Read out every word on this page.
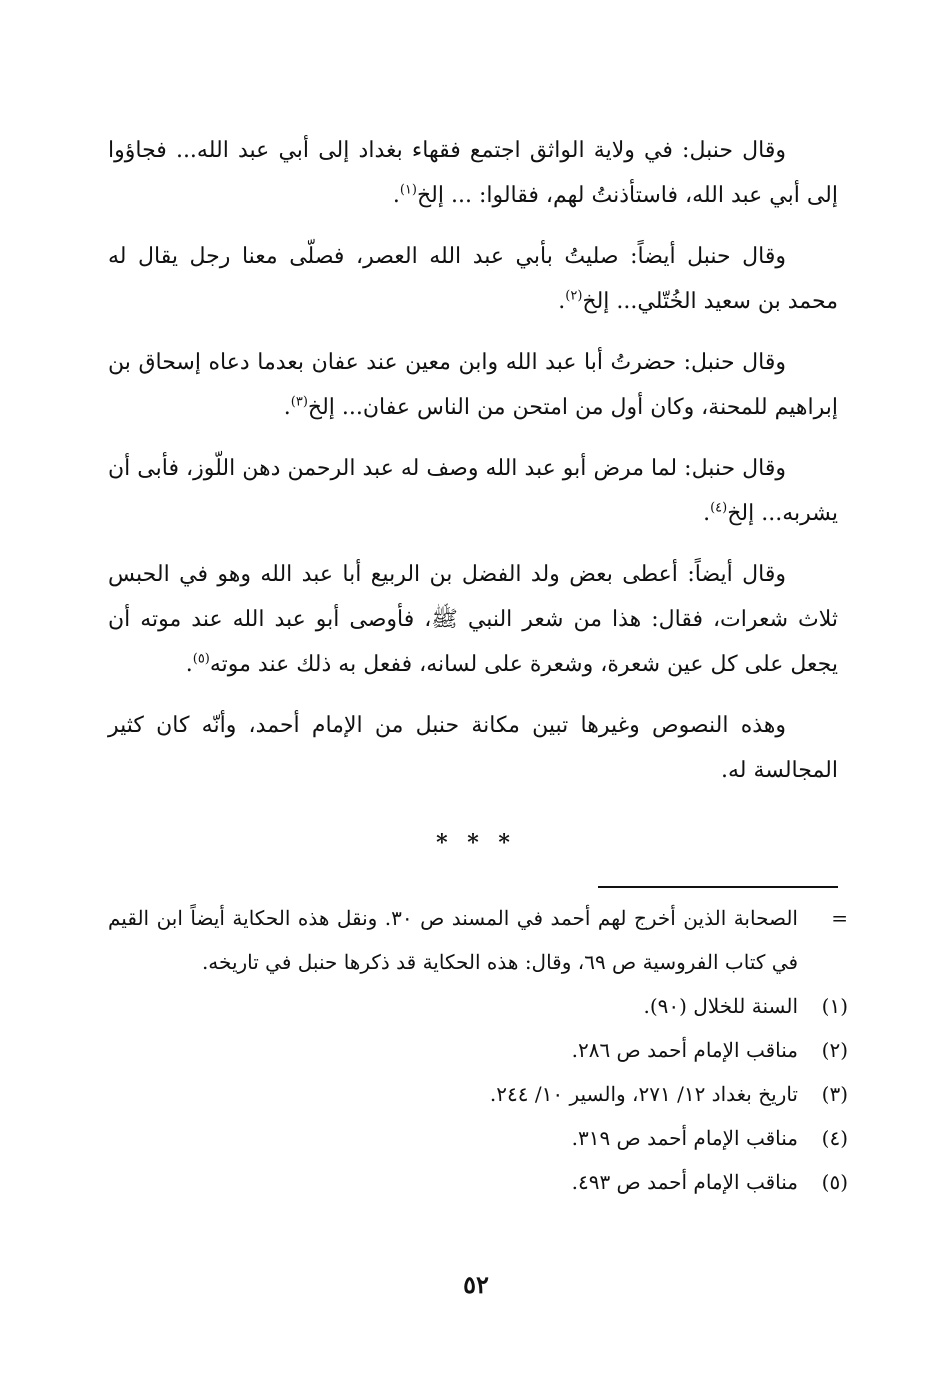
وقال حنبل: في ولاية الواثق اجتمع فقهاء بغداد إلى أبي عبد الله... فجاؤوا إلى أبي عبد الله، فاستأذنتُ لهم، فقالوا: ... إلخ$^{(١)}$.

وقال حنبل أيضاً: صليتُ بأبي عبد الله العصر، فصلّى معنا رجل يقال له محمد بن سعيد الخُتّلي... إلخ$^{(٢)}$.

وقال حنبل: حضرتُ أبا عبد الله وابن معين عند عفان بعدما دعاه إسحاق بن إبراهيم للمحنة، وكان أول من امتحن من الناس عفان... إلخ$^{(٣)}$.

وقال حنبل: لما مرض أبو عبد الله وصف له عبد الرحمن دهن اللّوز، فأبى أن يشربه... إلخ$^{(٤)}$.

وقال أيضاً: أعطى بعض ولد الفضل بن الربيع أبا عبد الله وهو في الحبس ثلاث شعرات، فقال: هذا من شعر النبي ﷺ، فأوصى أبو عبد الله عند موته أن يجعل على كل عين شعرة، وشعرة على لسانه، ففعل به ذلك عند موته$^{(٥)}$.

وهذه النصوص وغيرها تبين مكانة حنبل من الإمام أحمد، وأنّه كان كثير المجالسة له.

* * *
=
الصحابة الذين أخرج لهم أحمد في المسند ص ٣٠. ونقل هذه الحكاية أيضاً ابن القيم في كتاب الفروسية ص ٦٩، وقال: هذه الحكاية قد ذكرها حنبل في تاريخه.
(١)
السنة للخلال (٩٠).
(٢)
مناقب الإمام أحمد ص ٢٨٦.
(٣)
تاريخ بغداد ١٢/ ٢٧١، والسير ١٠/ ٢٤٤.
(٤)
مناقب الإمام أحمد ص ٣١٩.
(٥)
مناقب الإمام أحمد ص ٤٩٣.
٥٢
